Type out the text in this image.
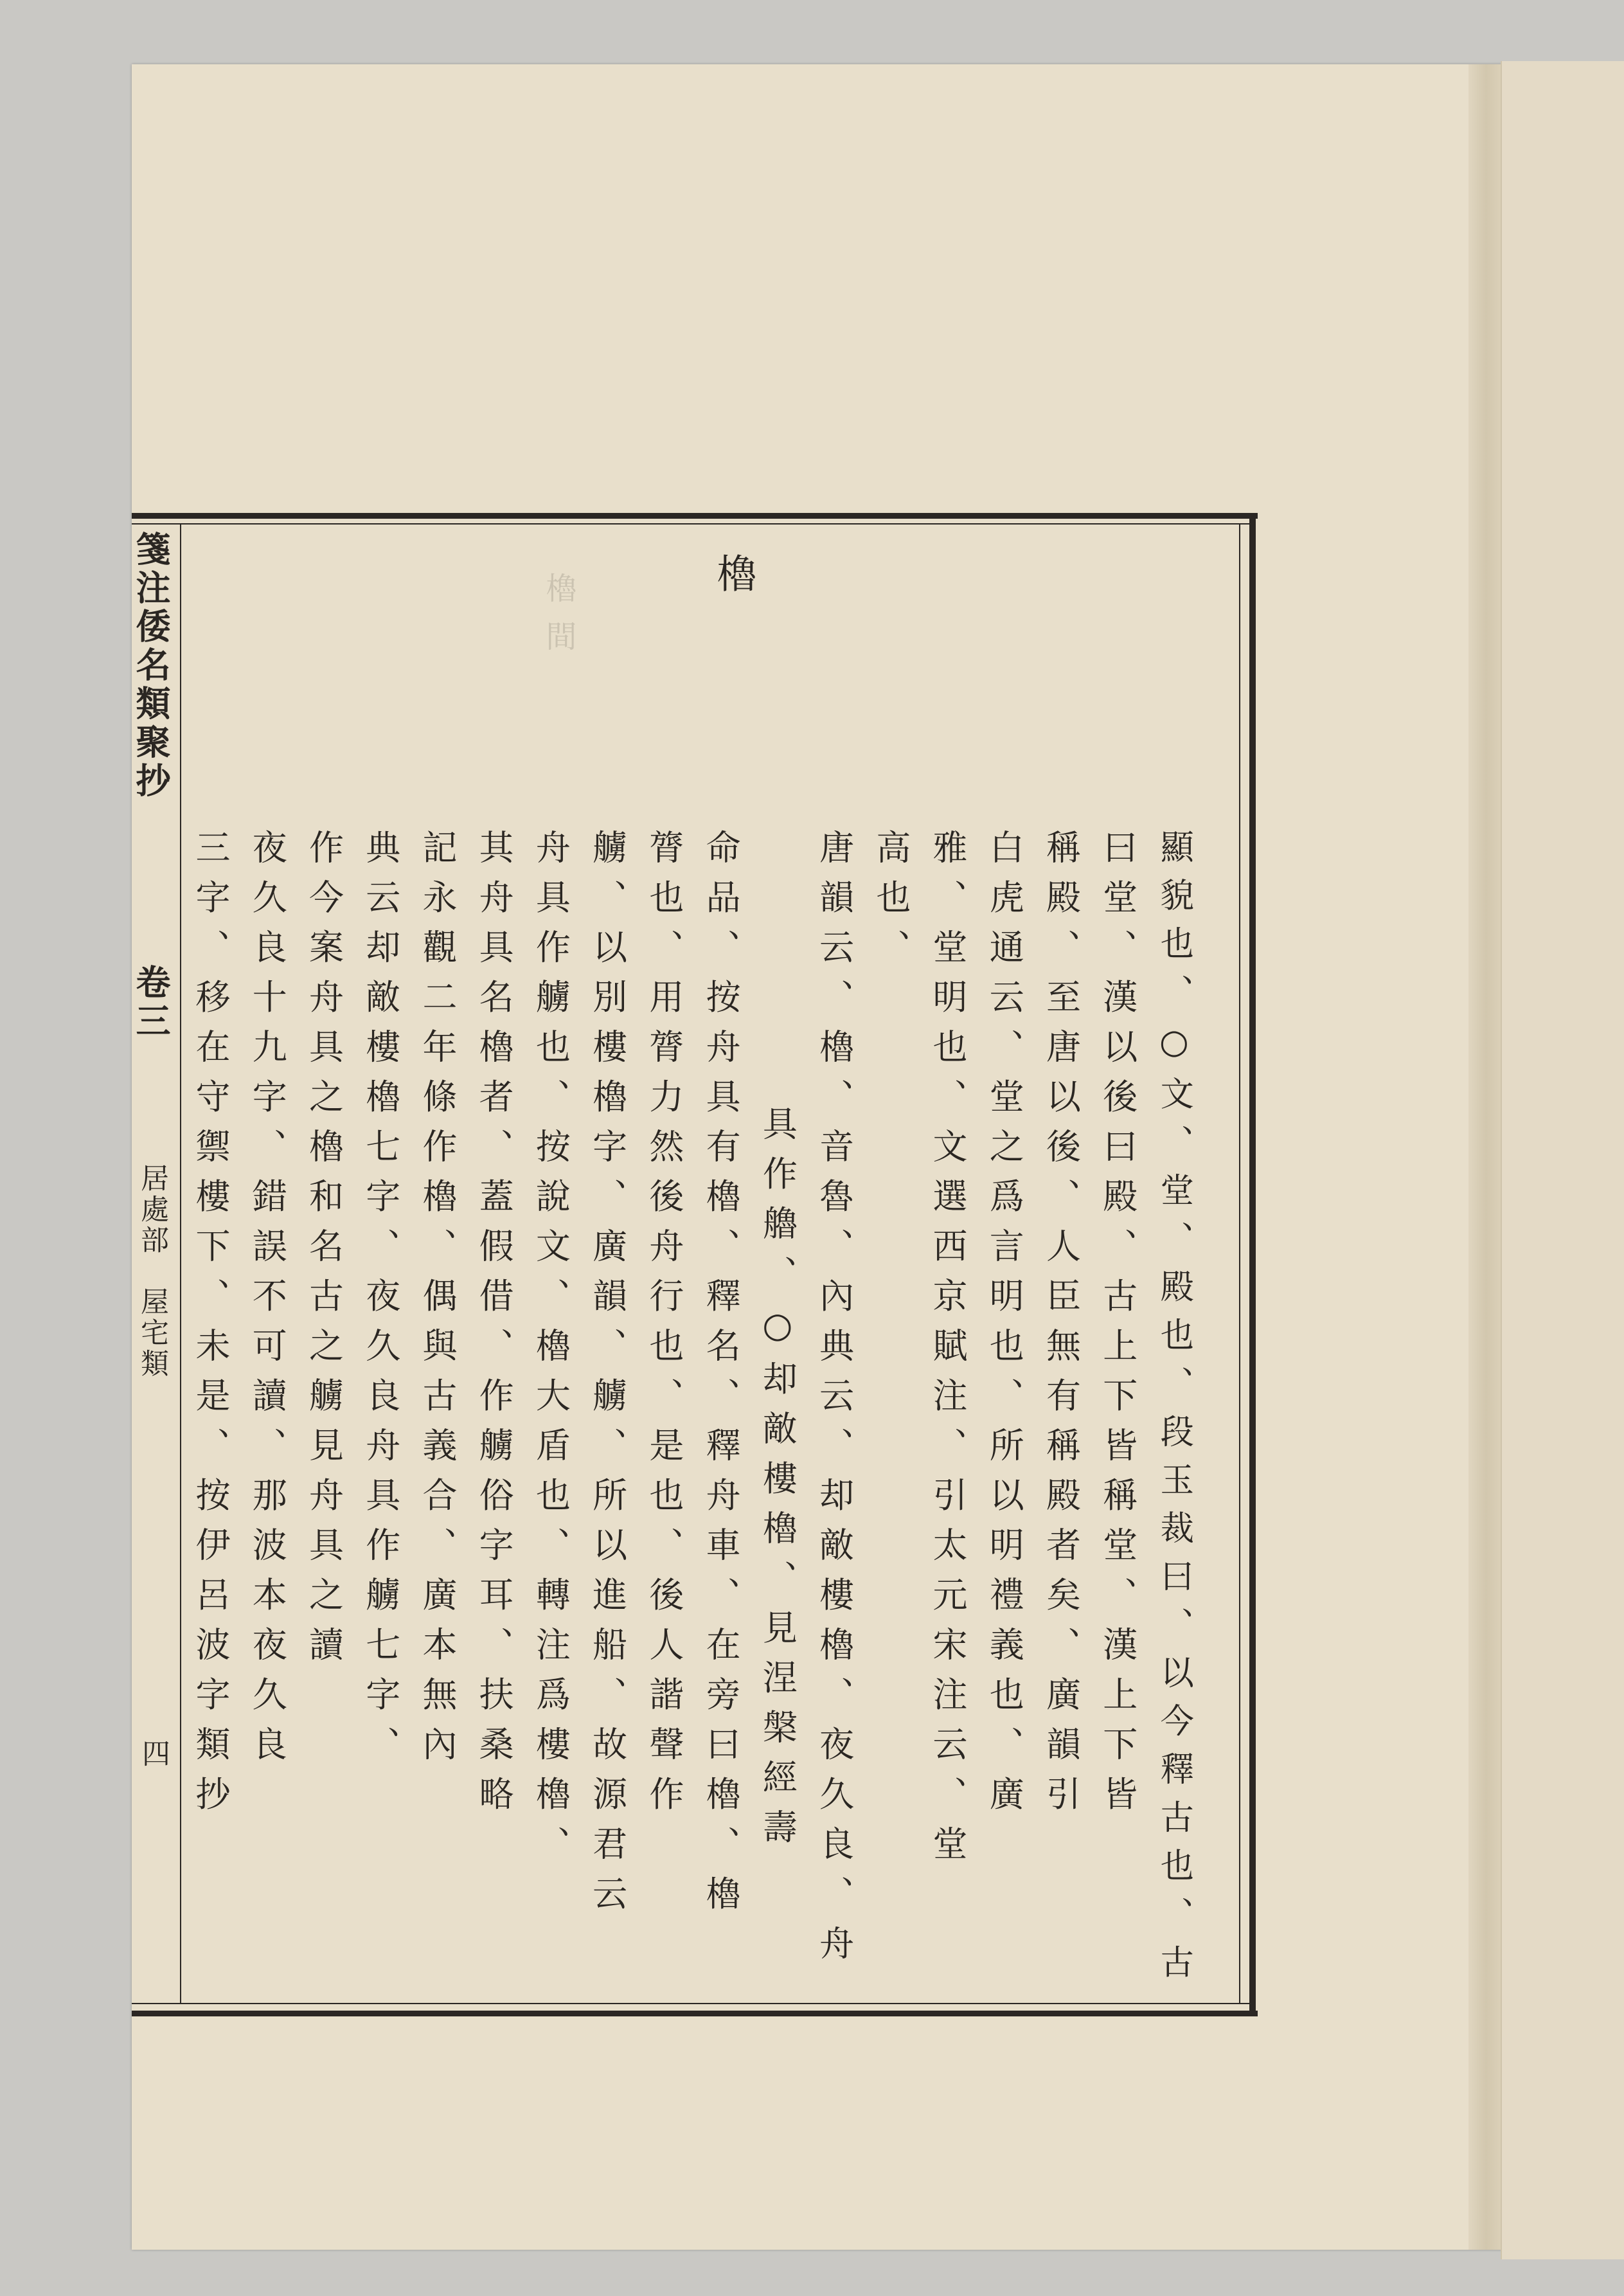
櫓
間
箋注倭名類聚抄
卷三
居處部　屋宅類
四
櫓
顯貌也、○文、堂、殿也、段玉裁曰、以今釋古也、古
曰堂、漢以後曰殿、古上下皆稱堂、漢上下皆
稱殿、至唐以後、人臣無有稱殿者矣、廣韻引
白虎通云、堂之爲言明也、所以明禮義也、廣
雅、堂明也、文選西京賦注、引太元宋注云、堂
高也、
唐韻云、櫓、音魯、內典云、却敵樓櫓、夜久良、舟
具作艪、○却敵樓櫓、見涅槃經壽
命品、按舟具有櫓、釋名、釋舟車、在旁曰櫓、櫓
膂也、用膂力然後舟行也、是也、後人諧聲作
艣、以別樓櫓字、廣韻、艣、所以進船、故源君云
舟具作艣也、按說文、櫓大盾也、轉注爲樓櫓、
其舟具名櫓者、蓋假借、作艣俗字耳、扶桑略
記永觀二年條作櫓、偶與古義合、廣本無內
典云却敵樓櫓七字、夜久良舟具作艣七字、
作今案舟具之櫓和名古之艣見舟具之讀
夜久良十九字、錯誤不可讀、那波本夜久良
三字、移在守禦樓下、未是、按伊呂波字類抄
